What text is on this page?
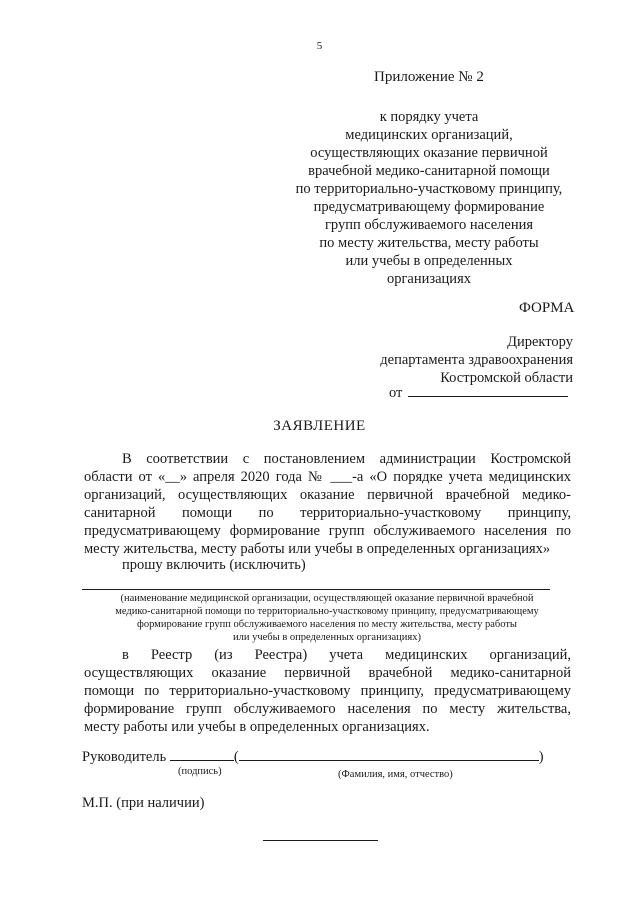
5
Приложение № 2
к порядку учета
медицинских организаций,
осуществляющих оказание первичной
врачебной медико-санитарной помощи
по территориально-участковому принципу,
предусматривающему формирование
групп обслуживаемого населения
по месту жительства, месту работы
или учебы в определенных
организациях
ФОРМА
Директору
департамента здравоохранения
Костромской области
от
ЗАЯВЛЕНИЕ
В соответствии с постановлением администрации Костромской
области от «__» апреля 2020 года № ___-а «О порядке учета медицинских
организаций, осуществляющих оказание первичной врачебной медико-
санитарной помощи по территориально-участковому принципу,
предусматривающему формирование групп обслуживаемого населения по
месту жительства, месту работы или учебы в определенных организациях»
прошу включить (исключить)
(наименование медицинской организации, осуществляющей оказание первичной врачебной
медико-санитарной помощи по территориально-участковому принципу, предусматривающему
формирование групп обслуживаемого населения по месту жительства, месту работы
или учебы в определенных организациях)
в Реестр (из Реестра) учета медицинских организаций,
осуществляющих оказание первичной врачебной медико-санитарной
помощи по территориально-участковому принципу, предусматривающему
формирование групп обслуживаемого населения по месту жительства,
месту работы или учебы в определенных организациях.
Руководитель	(	)
(подпись)	(Фамилия, имя, отчество)
М.П. (при наличии)
